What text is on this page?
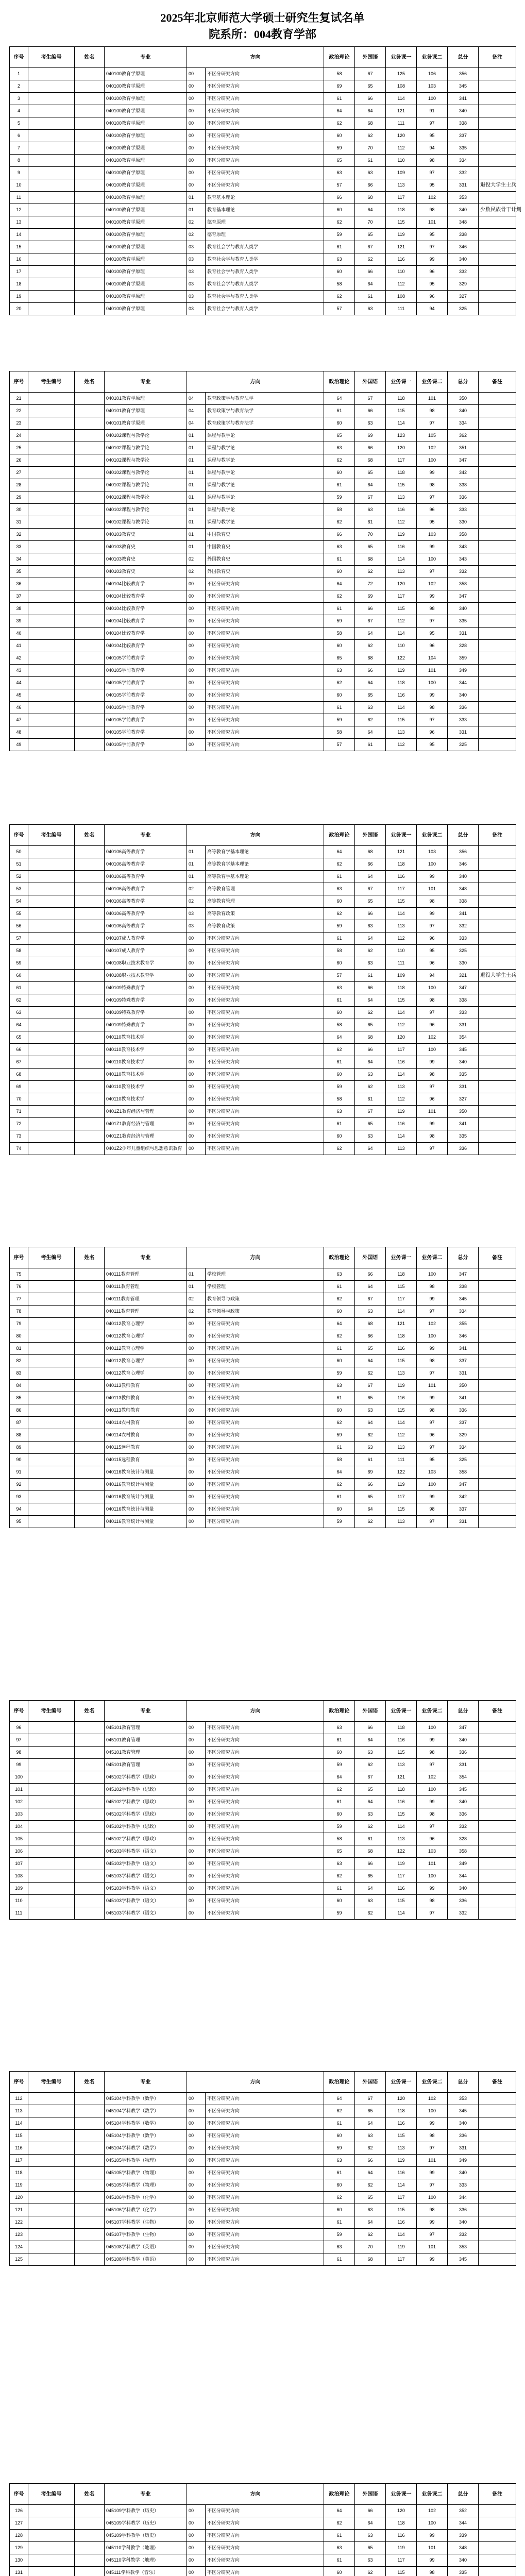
2025年北京师范大学硕士研究生复试名单
院系所：004教育学部
序号	考生编号	姓名	专业	方向		政治理论	外国语	业务课一	业务课二	总分	备注
1			040100教育学原理	00	不区分研究方向	58	67	125	106	356	
2			040100教育学原理	00	不区分研究方向	69	65	108	103	345	
3			040100教育学原理	00	不区分研究方向	61	66	114	100	341	
4			040100教育学原理	00	不区分研究方向	64	64	121	91	340	
5			040100教育学原理	00	不区分研究方向	62	68	111	97	338	
6			040100教育学原理	00	不区分研究方向	60	62	120	95	337	
7			040100教育学原理	00	不区分研究方向	59	70	112	94	335	
8			040100教育学原理	00	不区分研究方向	65	61	110	98	334	
9			040100教育学原理	00	不区分研究方向	63	63	109	97	332	
10			040100教育学原理	00	不区分研究方向	57	66	113	95	331	退役大学生士兵
11			040100教育学原理	01	教育基本理论	66	68	117	102	353	
12			040100教育学原理	01	教育基本理论	60	64	118	98	340	少数民族骨干计划
13			040100教育学原理	02	德育原理	62	70	115	101	348	
14			040100教育学原理	02	德育原理	59	65	119	95	338	
15			040100教育学原理	03	教育社会学与教育人类学	61	67	121	97	346	
16			040100教育学原理	03	教育社会学与教育人类学	63	62	116	99	340	
17			040100教育学原理	03	教育社会学与教育人类学	60	66	110	96	332	
18			040100教育学原理	03	教育社会学与教育人类学	58	64	112	95	329	
19			040100教育学原理	03	教育社会学与教育人类学	62	61	108	96	327	
20			040100教育学原理	03	教育社会学与教育人类学	57	63	111	94	325	
序号	考生编号	姓名	专业	方向		政治理论	外国语	业务课一	业务课二	总分	备注
21			040101教育学原理	04	教育政策学与教育法学	64	67	118	101	350	
22			040101教育学原理	04	教育政策学与教育法学	61	66	115	98	340	
23			040101教育学原理	04	教育政策学与教育法学	60	63	114	97	334	
24			040102课程与教学论	01	课程与教学论	65	69	123	105	362	
25			040102课程与教学论	01	课程与教学论	63	66	120	102	351	
26			040102课程与教学论	01	课程与教学论	62	68	117	100	347	
27			040102课程与教学论	01	课程与教学论	60	65	118	99	342	
28			040102课程与教学论	01	课程与教学论	61	64	115	98	338	
29			040102课程与教学论	01	课程与教学论	59	67	113	97	336	
30			040102课程与教学论	01	课程与教学论	58	63	116	96	333	
31			040102课程与教学论	01	课程与教学论	62	61	112	95	330	
32			040103教育史	01	中国教育史	66	70	119	103	358	
33			040103教育史	01	中国教育史	63	65	116	99	343	
34			040103教育史	02	外国教育史	61	68	114	100	343	
35			040103教育史	02	外国教育史	60	62	113	97	332	
36			040104比较教育学	00	不区分研究方向	64	72	120	102	358	
37			040104比较教育学	00	不区分研究方向	62	69	117	99	347	
38			040104比较教育学	00	不区分研究方向	61	66	115	98	340	
39			040104比较教育学	00	不区分研究方向	59	67	112	97	335	
40			040104比较教育学	00	不区分研究方向	58	64	114	95	331	
41			040104比较教育学	00	不区分研究方向	60	62	110	96	328	
42			040105学前教育学	00	不区分研究方向	65	68	122	104	359	
43			040105学前教育学	00	不区分研究方向	63	66	119	101	349	
44			040105学前教育学	00	不区分研究方向	62	64	118	100	344	
45			040105学前教育学	00	不区分研究方向	60	65	116	99	340	
46			040105学前教育学	00	不区分研究方向	61	63	114	98	336	
47			040105学前教育学	00	不区分研究方向	59	62	115	97	333	
48			040105学前教育学	00	不区分研究方向	58	64	113	96	331	
49			040105学前教育学	00	不区分研究方向	57	61	112	95	325	
序号	考生编号	姓名	专业	方向		政治理论	外国语	业务课一	业务课二	总分	备注
50			040106高等教育学	01	高等教育学基本理论	64	68	121	103	356	
51			040106高等教育学	01	高等教育学基本理论	62	66	118	100	346	
52			040106高等教育学	01	高等教育学基本理论	61	64	116	99	340	
53			040106高等教育学	02	高等教育管理	63	67	117	101	348	
54			040106高等教育学	02	高等教育管理	60	65	115	98	338	
55			040106高等教育学	03	高等教育政策	62	66	114	99	341	
56			040106高等教育学	03	高等教育政策	59	63	113	97	332	
57			040107成人教育学	00	不区分研究方向	61	64	112	96	333	
58			040107成人教育学	00	不区分研究方向	58	62	110	95	325	
59			040108职业技术教育学	00	不区分研究方向	60	63	111	96	330	
60			040108职业技术教育学	00	不区分研究方向	57	61	109	94	321	退役大学生士兵
61			040109特殊教育学	00	不区分研究方向	63	66	118	100	347	
62			040109特殊教育学	00	不区分研究方向	61	64	115	98	338	
63			040109特殊教育学	00	不区分研究方向	60	62	114	97	333	
64			040109特殊教育学	00	不区分研究方向	58	65	112	96	331	
65			040110教育技术学	00	不区分研究方向	64	68	120	102	354	
66			040110教育技术学	00	不区分研究方向	62	66	117	100	345	
67			040110教育技术学	00	不区分研究方向	61	64	116	99	340	
68			040110教育技术学	00	不区分研究方向	60	63	114	98	335	
69			040110教育技术学	00	不区分研究方向	59	62	113	97	331	
70			040110教育技术学	00	不区分研究方向	58	61	112	96	327	
71			0401Z1教育经济与管理	00	不区分研究方向	63	67	119	101	350	
72			0401Z1教育经济与管理	00	不区分研究方向	61	65	116	99	341	
73			0401Z1教育经济与管理	00	不区分研究方向	60	63	114	98	335	
74			0401Z2少年儿童组织与思想意识教育	00	不区分研究方向	62	64	113	97	336	
序号	考生编号	姓名	专业	方向		政治理论	外国语	业务课一	业务课二	总分	备注
75			040111教育管理	01	学校管理	63	66	118	100	347	
76			040111教育管理	01	学校管理	61	64	115	98	338	
77			040111教育管理	02	教育领导与政策	62	67	117	99	345	
78			040111教育管理	02	教育领导与政策	60	63	114	97	334	
79			040112教育心理学	00	不区分研究方向	64	68	121	102	355	
80			040112教育心理学	00	不区分研究方向	62	66	118	100	346	
81			040112教育心理学	00	不区分研究方向	61	65	116	99	341	
82			040112教育心理学	00	不区分研究方向	60	64	115	98	337	
83			040112教育心理学	00	不区分研究方向	59	62	113	97	331	
84			040113教师教育	00	不区分研究方向	63	67	119	101	350	
85			040113教师教育	00	不区分研究方向	61	65	116	99	341	
86			040113教师教育	00	不区分研究方向	60	63	115	98	336	
87			040114农村教育	00	不区分研究方向	62	64	114	97	337	
88			040114农村教育	00	不区分研究方向	59	62	112	96	329	
89			040115远程教育	00	不区分研究方向	61	63	113	97	334	
90			040115远程教育	00	不区分研究方向	58	61	111	95	325	
91			040116教育统计与测量	00	不区分研究方向	64	69	122	103	358	
92			040116教育统计与测量	00	不区分研究方向	62	66	119	100	347	
93			040116教育统计与测量	00	不区分研究方向	61	65	117	99	342	
94			040116教育统计与测量	00	不区分研究方向	60	64	115	98	337	
95			040116教育统计与测量	00	不区分研究方向	59	62	113	97	331	
序号	考生编号	姓名	专业	方向		政治理论	外国语	业务课一	业务课二	总分	备注
96			045101教育管理	00	不区分研究方向	63	66	118	100	347	
97			045101教育管理	00	不区分研究方向	61	64	116	99	340	
98			045101教育管理	00	不区分研究方向	60	63	115	98	336	
99			045101教育管理	00	不区分研究方向	59	62	113	97	331	
100			045102学科教学（思政）	00	不区分研究方向	64	67	121	102	354	
101			045102学科教学（思政）	00	不区分研究方向	62	65	118	100	345	
102			045102学科教学（思政）	00	不区分研究方向	61	64	116	99	340	
103			045102学科教学（思政）	00	不区分研究方向	60	63	115	98	336	
104			045102学科教学（思政）	00	不区分研究方向	59	62	114	97	332	
105			045102学科教学（思政）	00	不区分研究方向	58	61	113	96	328	
106			045103学科教学（语文）	00	不区分研究方向	65	68	122	103	358	
107			045103学科教学（语文）	00	不区分研究方向	63	66	119	101	349	
108			045103学科教学（语文）	00	不区分研究方向	62	65	117	100	344	
109			045103学科教学（语文）	00	不区分研究方向	61	64	116	99	340	
110			045103学科教学（语文）	00	不区分研究方向	60	63	115	98	336	
111			045103学科教学（语文）	00	不区分研究方向	59	62	114	97	332	
序号	考生编号	姓名	专业	方向		政治理论	外国语	业务课一	业务课二	总分	备注
112			045104学科教学（数学）	00	不区分研究方向	64	67	120	102	353	
113			045104学科教学（数学）	00	不区分研究方向	62	65	118	100	345	
114			045104学科教学（数学）	00	不区分研究方向	61	64	116	99	340	
115			045104学科教学（数学）	00	不区分研究方向	60	63	115	98	336	
116			045104学科教学（数学）	00	不区分研究方向	59	62	113	97	331	
117			045105学科教学（物理）	00	不区分研究方向	63	66	119	101	349	
118			045105学科教学（物理）	00	不区分研究方向	61	64	116	99	340	
119			045105学科教学（物理）	00	不区分研究方向	60	62	114	97	333	
120			045106学科教学（化学）	00	不区分研究方向	62	65	117	100	344	
121			045106学科教学（化学）	00	不区分研究方向	60	63	115	98	336	
122			045107学科教学（生物）	00	不区分研究方向	61	64	116	99	340	
123			045107学科教学（生物）	00	不区分研究方向	59	62	114	97	332	
124			045108学科教学（英语）	00	不区分研究方向	63	70	119	101	353	
125			045108学科教学（英语）	00	不区分研究方向	61	68	117	99	345	
序号	考生编号	姓名	专业	方向		政治理论	外国语	业务课一	业务课二	总分	备注
126			045109学科教学（历史）	00	不区分研究方向	64	66	120	102	352	
127			045109学科教学（历史）	00	不区分研究方向	62	64	118	100	344	
128			045109学科教学（历史）	00	不区分研究方向	61	63	116	99	339	
129			045110学科教学（地理）	00	不区分研究方向	63	65	119	101	348	
130			045110学科教学（地理）	00	不区分研究方向	61	63	117	99	340	
131			045111学科教学（音乐）	00	不区分研究方向	60	62	115	98	335	
